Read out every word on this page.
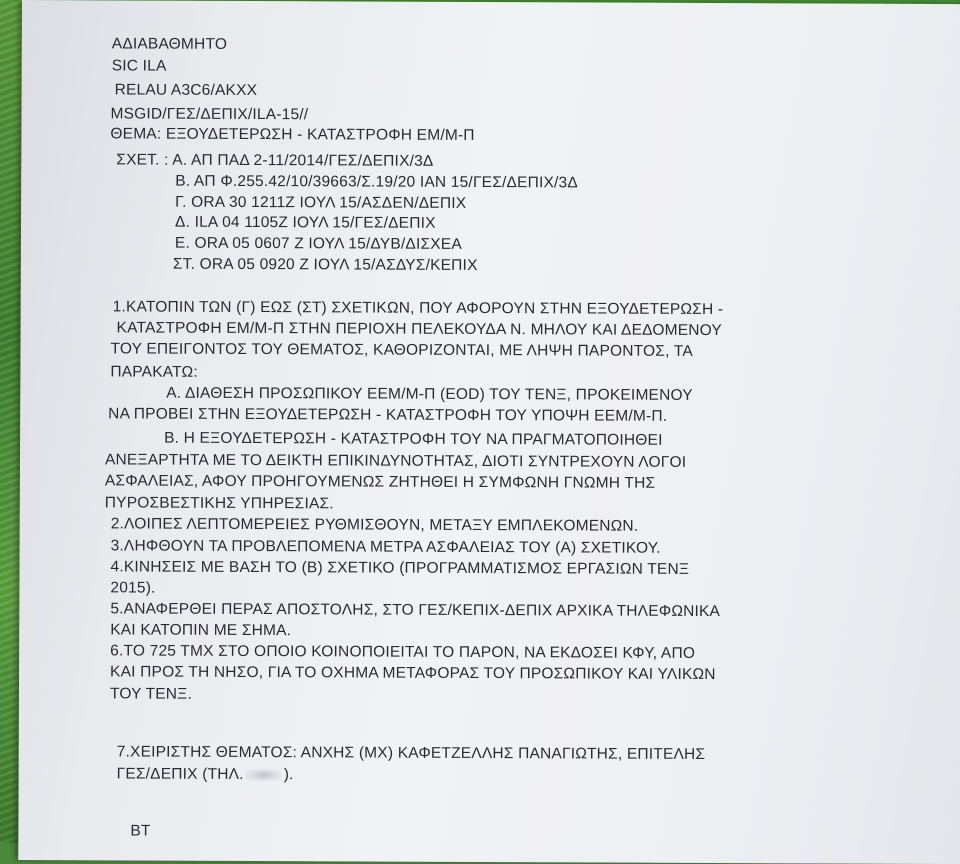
ΑΔΙΑΒΑΘΜΗΤΟ
SIC ILA
RELAU A3C6/AKXX
MSGID/ΓΕΣ/ΔΕΠΙΧ/ILA-15//
ΘΕΜΑ: ΕΞΟΥΔΕΤΕΡΩΣΗ - ΚΑΤΑΣΤΡΟΦΗ ΕΜ/Μ-Π
ΣΧΕΤ. : Α. ΑΠ ΠΑΔ 2-11/2014/ΓΕΣ/ΔΕΠΙΧ/3Δ
Β. ΑΠ Φ.255.42/10/39663/Σ.19/20 ΙΑΝ 15/ΓΕΣ/ΔΕΠΙΧ/3Δ
Γ. ORA 30 1211Ζ ΙΟΥΛ 15/ΑΣΔΕΝ/ΔΕΠΙΧ
Δ. ILA 04 1105Ζ ΙΟΥΛ 15/ΓΕΣ/ΔΕΠΙΧ
Ε. ORA 05 0607 Ζ ΙΟΥΛ 15/ΔΥΒ/ΔΙΣΧΕΑ
ΣΤ. ORA 05 0920 Ζ ΙΟΥΛ 15/ΑΣΔΥΣ/ΚΕΠΙΧ
1.ΚΑΤΟΠΙΝ ΤΩΝ (Γ) ΕΩΣ (ΣΤ) ΣΧΕΤΙΚΩΝ, ΠΟΥ ΑΦΟΡΟΥΝ ΣΤΗΝ ΕΞΟΥΔΕΤΕΡΩΣΗ -
ΚΑΤΑΣΤΡΟΦΗ ΕΜ/Μ-Π ΣΤΗΝ ΠΕΡΙΟΧΗ ΠΕΛΕΚΟΥΔΑ Ν. ΜΗΛΟΥ ΚΑΙ ΔΕΔΟΜΕΝΟΥ
ΤΟΥ ΕΠΕΙΓΟΝΤΟΣ ΤΟΥ ΘΕΜΑΤΟΣ, ΚΑΘΟΡΙΖΟΝΤΑΙ, ΜΕ ΛΗΨΗ ΠΑΡΟΝΤΟΣ, ΤΑ
ΠΑΡΑΚΑΤΩ:
Α. ΔΙΑΘΕΣΗ ΠΡΟΣΩΠΙΚΟΥ ΕΕΜ/Μ-Π (EOD) ΤΟΥ ΤΕΝΞ, ΠΡΟΚΕΙΜΕΝΟΥ
ΝΑ ΠΡΟΒΕΙ ΣΤΗΝ ΕΞΟΥΔΕΤΕΡΩΣΗ - ΚΑΤΑΣΤΡΟΦΗ ΤΟΥ ΥΠΟΨΗ ΕΕΜ/Μ-Π.
Β. Η ΕΞΟΥΔΕΤΕΡΩΣΗ - ΚΑΤΑΣΤΡΟΦΗ ΤΟΥ ΝΑ ΠΡΑΓΜΑΤΟΠΟΙΗΘΕΙ
ΑΝΕΞΑΡΤΗΤΑ ΜΕ ΤΟ ΔΕΙΚΤΗ ΕΠΙΚΙΝΔΥΝΟΤΗΤΑΣ, ΔΙΟΤΙ ΣΥΝΤΡΕΧΟΥΝ ΛΟΓΟΙ
ΑΣΦΑΛΕΙΑΣ, ΑΦΟΥ ΠΡΟΗΓΟΥΜΕΝΩΣ ΖΗΤΗΘΕΙ Η ΣΥΜΦΩΝΗ ΓΝΩΜΗ ΤΗΣ
ΠΥΡΟΣΒΕΣΤΙΚΗΣ ΥΠΗΡΕΣΙΑΣ.
2.ΛΟΙΠΕΣ ΛΕΠΤΟΜΕΡΕΙΕΣ ΡΥΘΜΙΣΘΟΥΝ, ΜΕΤΑΞΥ ΕΜΠΛΕΚΟΜΕΝΩΝ.
3.ΛΗΦΘΟΥΝ ΤΑ ΠΡΟΒΛΕΠΟΜΕΝΑ ΜΕΤΡΑ ΑΣΦΑΛΕΙΑΣ ΤΟΥ (Α) ΣΧΕΤΙΚΟΥ.
4.ΚΙΝΗΣΕΙΣ ΜΕ ΒΑΣΗ ΤΟ (Β) ΣΧΕΤΙΚΟ (ΠΡΟΓΡΑΜΜΑΤΙΣΜΟΣ ΕΡΓΑΣΙΩΝ ΤΕΝΞ
2015).
5.ΑΝΑΦΕΡΘΕΙ ΠΕΡΑΣ ΑΠΟΣΤΟΛΗΣ, ΣΤΟ ΓΕΣ/ΚΕΠΙΧ-ΔΕΠΙΧ ΑΡΧΙΚΑ ΤΗΛΕΦΩΝΙΚΑ
ΚΑΙ ΚΑΤΟΠΙΝ ΜΕ ΣΗΜΑ.
6.ΤΟ 725 ΤΜΧ ΣΤΟ ΟΠΟΙΟ ΚΟΙΝΟΠΟΙΕΙΤΑΙ ΤΟ ΠΑΡΟΝ, ΝΑ ΕΚΔΟΣΕΙ ΚΦΥ, ΑΠΟ
ΚΑΙ ΠΡΟΣ ΤΗ ΝΗΣΟ, ΓΙΑ ΤΟ ΟΧΗΜΑ ΜΕΤΑΦΟΡΑΣ ΤΟΥ ΠΡΟΣΩΠΙΚΟΥ ΚΑΙ ΥΛΙΚΩΝ
ΤΟΥ ΤΕΝΞ.
7.ΧΕΙΡΙΣΤΗΣ ΘΕΜΑΤΟΣ: ΑΝΧΗΣ (ΜΧ) ΚΑΦΕΤΖΕΛΛΗΣ ΠΑΝΑΓΙΩΤΗΣ, ΕΠΙΤΕΛΗΣ
ΓΕΣ/ΔΕΠΙΧ (ΤΗΛ.	).
BT
